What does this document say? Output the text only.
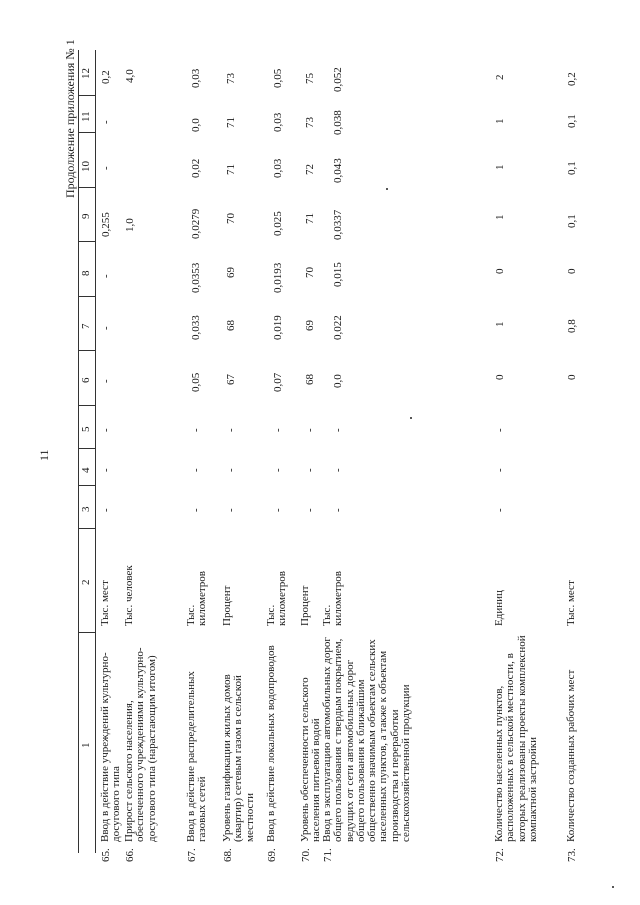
11
Продолжение приложения № 1
1
2
3
4
5
6
7
8
9
10
11
12
65.
Ввод в действие учреждений культурно-досугового типа
Тыс. мест
-
-
-
-
-
-
0,255
-
-
0,2
66.
Прирост сельского населения, обеспеченного учреждениями культурно-досугового типа (нарастающим итогом)
Тыс. человек
1,0
4,0
67.
Ввод в действие распределительных газовых сетей
Тыс. километров
-
-
-
0,05
0,033
0,0353
0,0279
0,02
0,0
0,03
68.
Уровень газификации жилых домов (квартир) сетевым газом в сельской местности
Процент
-
-
-
67
68
69
70
71
71
73
69.
Ввод в действие локальных водопроводов
Тыс. километров
-
-
-
0,07
0,019
0,0193
0,025
0,03
0,03
0,05
70.
Уровень обеспеченности сельского населения питьевой водой
Процент
-
-
-
68
69
70
71
72
73
75
71.
Ввод в эксплуатацию автомобильных дорог общего пользования с твердым покрытием, ведущих от сети автомобильных дорог общего пользования к ближайшим общественно значимым объектам сельских населенных пунктов, а также к объектам производства и переработки сельскохозяйственной продукции
Тыс. километров
-
-
-
0,0
0,022
0,015
0,0337
0,043
0,038
0,052
72.
Количество населенных пунктов, расположенных в сельской местности, в которых реализованы проекты комплексной компактной застройки
Единиц
-
-
-
0
1
0
1
1
1
2
73.
Количество созданных рабочих мест
Тыс. мест
0
0,8
0
0,1
0,1
0,1
0,2
